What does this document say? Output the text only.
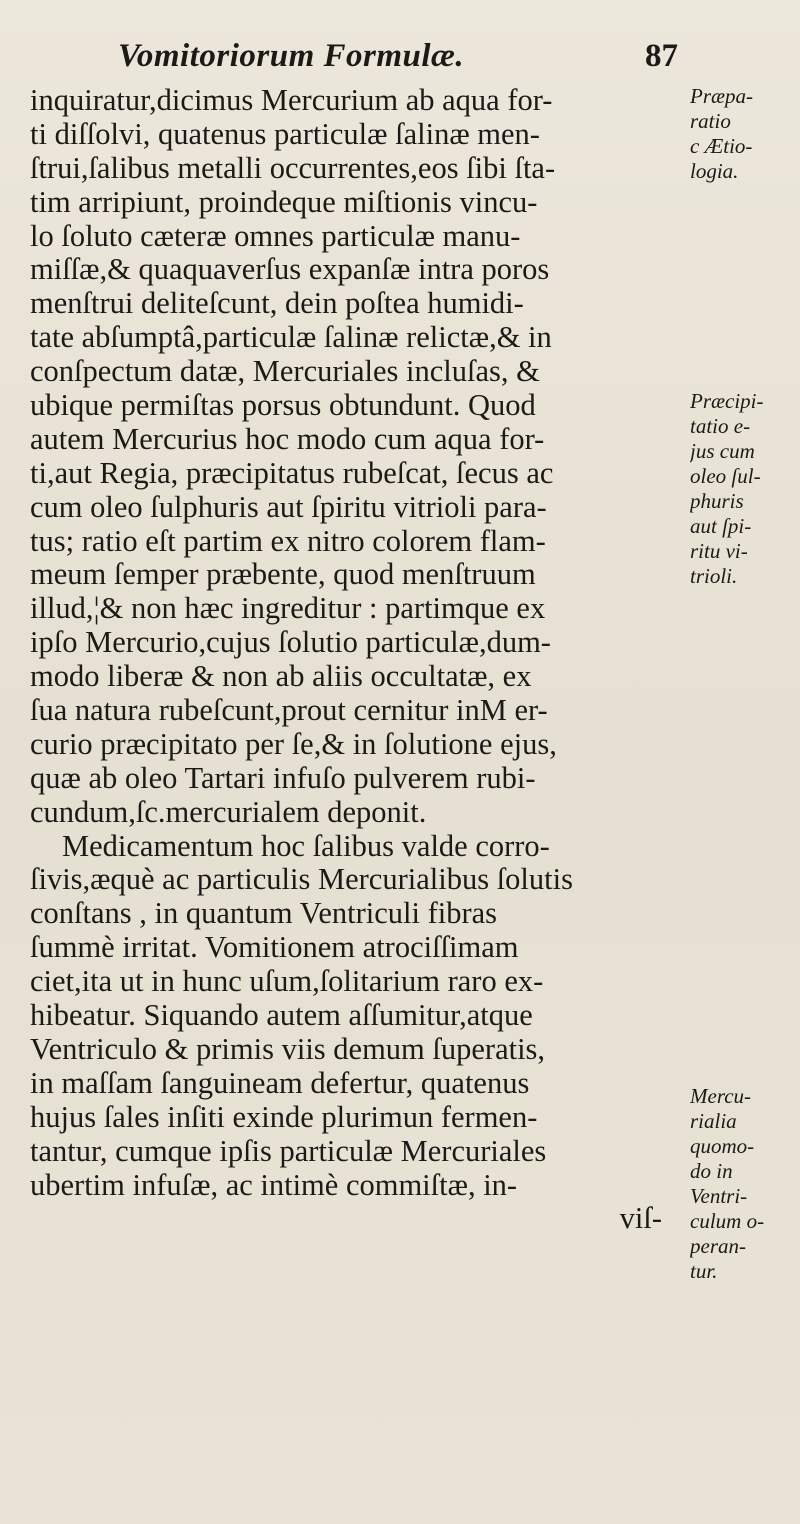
Vomitoriorum Formulæ.	87
inquiratur,dicimus Mercurium ab aqua for-
ti diſſolvi, quatenus particulæ ſalinæ men-
ſtrui,ſalibus metalli occurrentes,eos ſibi ſta-
tim arripiunt, proindeque miſtionis vincu-
lo ſoluto cæteræ omnes particulæ manu-
miſſæ,& quaquaverſus expanſæ intra poros
menſtrui deliteſcunt, dein poſtea humidi-
tate abſumptâ,particulæ ſalinæ relictæ,& in
conſpectum datæ, Mercuriales incluſas, &
ubique permiſtas porsus obtundunt. Quod
autem Mercurius hoc modo cum aqua for-
ti,aut Regia, præcipitatus rubeſcat, ſecus ac
cum oleo ſulphuris aut ſpiritu vitrioli para-
tus; ratio eſt partim ex nitro colorem flam-
meum ſemper præbente, quod menſtruum
illud,¦& non hæc ingreditur : partimque ex
ipſo Mercurio,cujus ſolutio particulæ,dum-
modo liberæ & non ab aliis occultatæ, ex
ſua natura rubeſcunt,prout cernitur inM er-
curio præcipitato per ſe,& in ſolutione ejus,
quæ ab oleo Tartari infuſo pulverem rubi-
cundum,ſc.mercurialem deponit.
Medicamentum hoc ſalibus valde corro-
ſivis,æquè ac particulis Mercurialibus ſolutis
conſtans , in quantum Ventriculi fibras
ſummè irritat. Vomitionem atrociſſimam
ciet,ita ut in hunc uſum,ſolitarium raro ex-
hibeatur. Siquando autem aſſumitur,atque
Ventriculo & primis viis demum ſuperatis,
in maſſam ſanguineam defertur, quatenus
hujus ſales inſiti exinde plurimun fermen-
tantur, cumque ipſis particulæ Mercuriales
ubertim infuſæ, ac intimè commiſtæ, in-
viſ-
Præpa-
ratio
c Ætio-
logia.
Præcipi-
tatio e-
jus cum
oleo ſul-
phuris
aut ſpi-
ritu vi-
trioli.
Mercu-
rialia
quomo-
do in
Ventri-
culum o-
peran-
tur.
